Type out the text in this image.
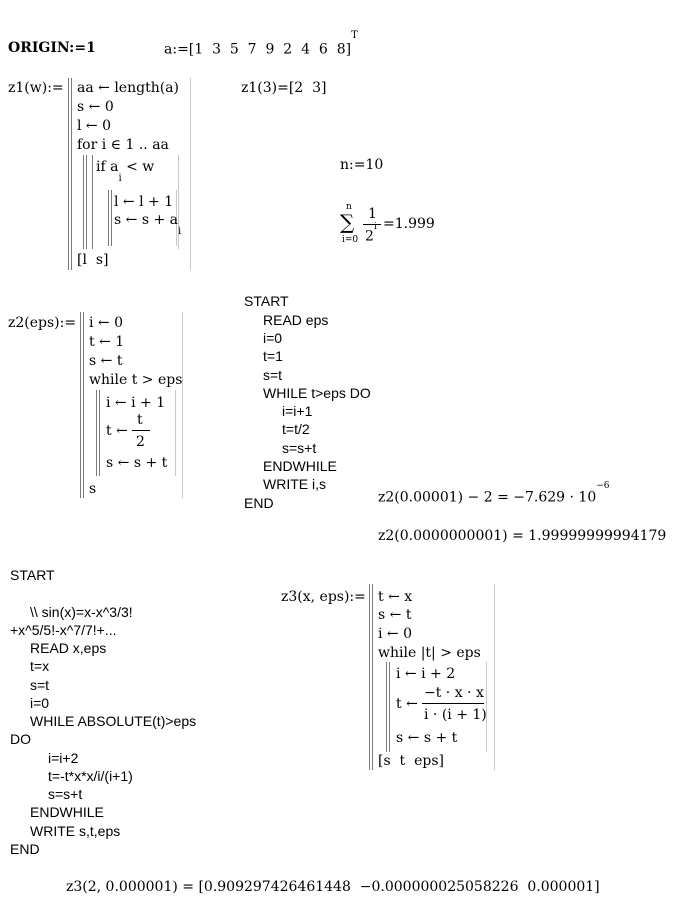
ORIGIN:=1	a:=[1  3  5  7  9  2  4  6  8]$^T$
z1(w):= aa ← length(a)
s ← 0
l ← 0
for i ∈ 1 .. aa
if $a_i < w$
l ← l + 1
s ← $s + a_i$
[l  s]
z1(3)=[2  3]
n:=10
n
∑
i=0
1
$2^i =1.999$
z2(eps):= i ← 0
t ← 1
s ← t
while t > eps
i ← i + 1
t ←
t
2
s ← s + t
s
START
READ eps
i=0
t=1
s=t
WHILE t>eps DO
i=i+1
t=t/2
s=s+t
ENDWHILE
WRITE i,s
END	$z2(0.00001) - 2 = -7.629 \cdot 10^{-6}$
z2(0.0000000001) = 1.99999999994179
START
\\ sin(x)=x-x^3/3!
+x^5/5!-x^7/7!+...
READ x,eps
t=x
s=t
i=0
WHILE ABSOLUTE(t)>eps
DO
i=i+2
t=-t*x*x/i/(i+1)
s=s+t
ENDWHILE
WRITE s,t,eps
END
z3(x, eps):= t ← x
s ← t
i ← 0
while |t| > eps
i ← i + 2
t ←
−t · x · x
i · (i + 1)
s ← s + t
[s  t  eps]
z3(2, 0.000001) = [0.909297426461448  −0.000000025058226  0.000001]
